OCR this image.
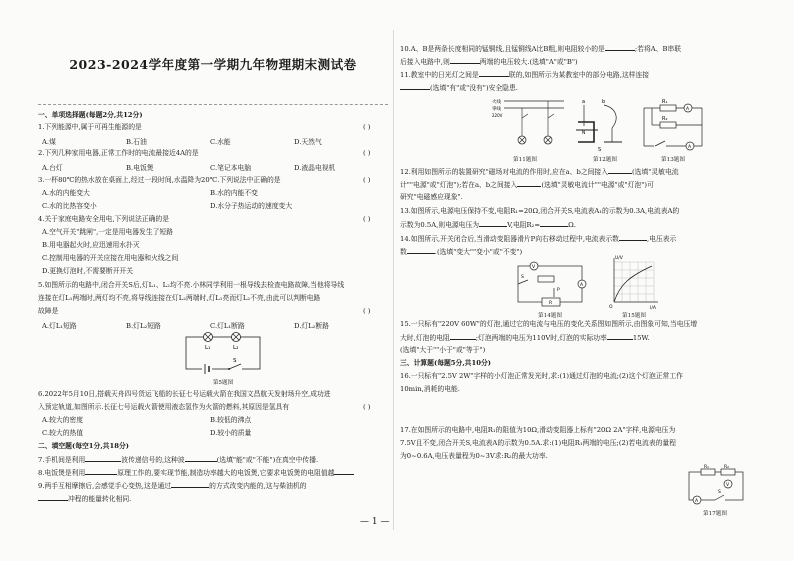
2023-2024学年度第一学期九年物理期末测试卷
一、单项选择题(每题2分,共12分)
1.下列能源中,属于可再生能源的是	( )
A.煤	B.石油	C.水能	D.天然气
2.下列几种家用电器,正常工作时的电流最接近4A的是	( )
A.台灯	B.电饭煲	C.笔记本电脑	D.液晶电视机
3.一杯80℃的热水放在桌面上,经过一段时间,水温降为20℃.下列说法中正确的是	( )
A.水的内能变大	B.水的内能不变
C.水的比热容变小	D.水分子热运动的速度变大
4.关于家庭电路安全用电,下列说法正确的是	( )
A.空气开关"跳闸",一定是用电器发生了短路
B.用电器起火时,应迅速用水扑灭
C.控制用电器的开关应接在用电器和火线之间
D.更换灯泡时,不需要断开开关
5.如图所示的电路中,闭合开关S后,灯L₁、L₂均不亮.小林同学利用一根导线去检查电路故障,当他将导线
连接在灯L₁两端时,两灯均不亮,将导线连接在灯L₂两端时,灯L₁亮而灯L₂不亮,由此可以判断电路
故障是	( )
A.灯L₁短路	B.灯L₂短路	C.灯L₁断路	D.灯L₂断路
L₁	L₂
S
第5题图
6.2022年5月10日,搭载天舟四号货运飞船的长征七号运载火箭在我国文昌航天发射场升空,成功进
入预定轨道,如图所示.长征七号运载火箭使用液态氢作为火箭的燃料,其原因是氢具有	( )
A.较大的密度	B.较低的沸点
C.较大的热值	D.较小的质量
二、填空题(每空1分,共18分)
7.手机间是利用	波传递信号的,这种波	(选填"能"或"不能")在真空中传播.
8.电饭煲是利用	原理工作的,要实现节能,制造功率越大的电饭煲,它要求电饭煲的电阻值越
9.两手互相摩擦后,会感觉手心变热,这是通过	的方式改变内能的,这与柴油机的
冲程的能量转化相同.
10.A、B是两条长度相同的锰铜线,且锰铜线A比B粗,则电阻较小的是	;若将A、B串联
后接入电路中,则	两端的电压较大.(选填"A"或"B")
11.教室中的日光灯之间是	联的,如图所示为某教室中的部分电路,这样连接
(选填"有"或"没有")安全隐患.
火线
零线
220V
第11题图
a	b
N
S
第12题图
R₁
R₂
A
A
第13题图
12.利用如图所示的装置研究"磁场对电流的作用时,应在a、b之间接入	(选填"灵敏电流
计""电源"或"灯泡");若在a、b之间接入	(选填"灵敏电流计""电源"或"灯泡")可
研究"电磁感应现象".
13.如图所示,电源电压保持不变,电阻R₁=20Ω,闭合开关S,电流表A₁的示数为0.3A,电流表A的
示数为0.5A,则电源电压为	V,电阻R₂=	Ω.
14.如图所示,开关闭合后,当滑动变阻器滑片P向右移动过程中,电流表示数	,电压表示
数	.(选填"变大""变小"或"不变")
V
A
S
R
P
第14题图
U/V
I/A
O
第15题图
15.一只标有"220V 60W"的灯泡,通过它的电流与电压的变化关系图如图所示,由图象可知,当电压增
大时,灯泡的电阻	;灯泡两端的电压为110V时,灯泡的实际功率	15W.
(选填"大于""小于"或"等于")
三、计算题(每题5分,共10分)
16.一只标有"2.5V 2W"字样的小灯泡正常发光时,求:(1)通过灯泡的电流;(2)这个灯泡正常工作
10min,消耗的电能.
17.在如图所示的电路中,电阻R₁的阻值为10Ω,滑动变阻器上标有"20Ω 2A"字样,电源电压为
7.5V且不变,闭合开关S,电流表A的示数为0.5A.求:(1)电阻R₁两端的电压;(2)若电流表的量程
为0~0.6A,电压表量程为0~3V求:R₂的最大功率.
R₁	R₂
V
A
S
第17题图
— 1 —
